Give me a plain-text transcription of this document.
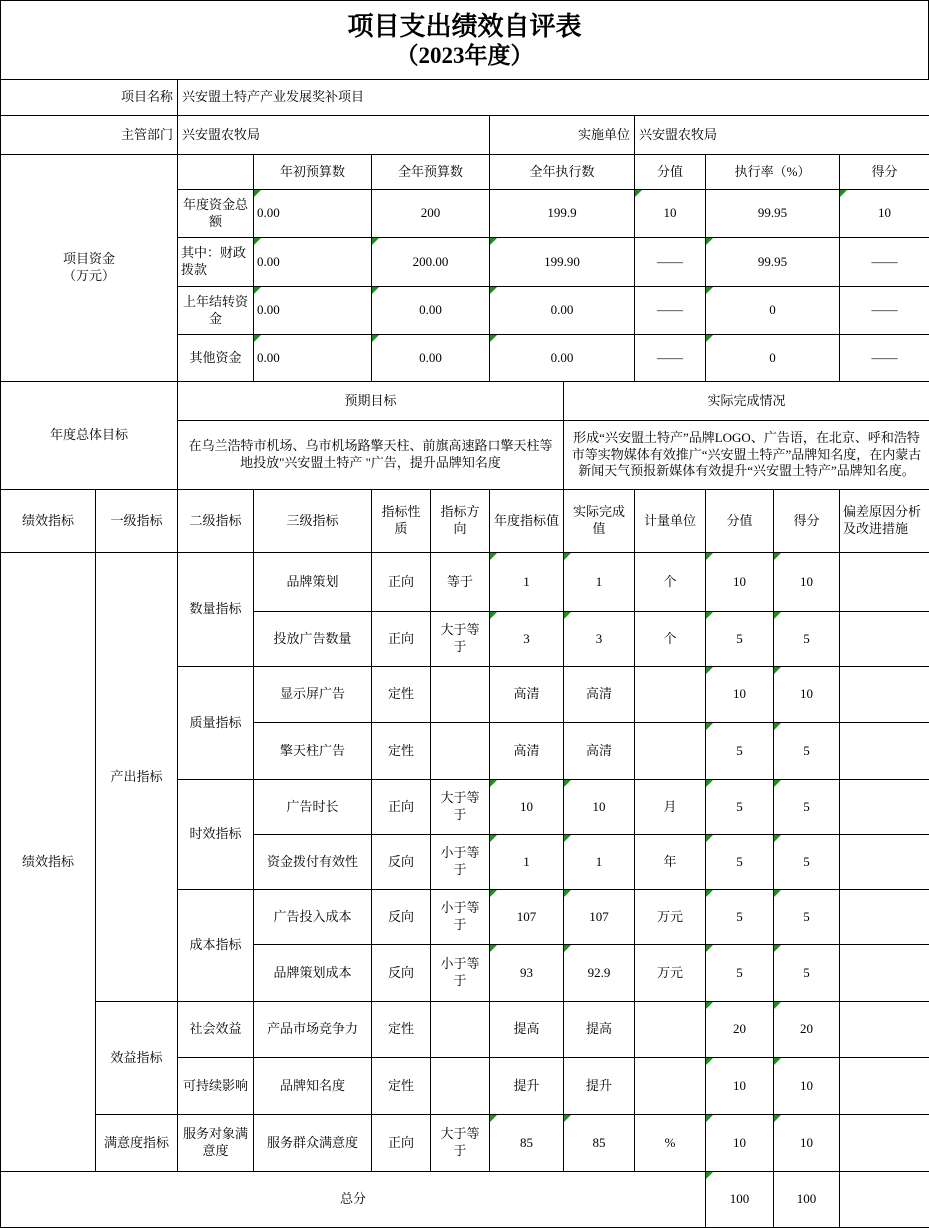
项目支出绩效自评表
（2023年度）
项目名称	兴安盟土特产产业发展奖补项目		
主管部门	兴安盟农牧局	实施单位	兴安盟农牧局
项目资金
（万元）		年初预算数	全年预算数	全年执行数	分值	执行率（%）	得分
	年度资金总额	0.00	200	199.9	10	99.95	10
	其中：财政拨款	0.00	200.00	199.90	——	99.95	——
	上年结转资金	0.00	0.00	0.00	——	0	——
	其他资金	0.00	0.00	0.00	——	0	——
年度总体目标	预期目标	实际完成情况
	在乌兰浩特市机场、乌市机场路擎天柱、前旗高速路口擎天柱等地投放"兴安盟土特产 "广告，提升品牌知名度	形成“兴安盟土特产”品牌LOGO、广告语，在北京、呼和浩特市等实物媒体有效推广“兴安盟土特产”品牌知名度，在内蒙古新闻天气预报新媒体有效提升“兴安盟土特产”品牌知名度。
绩效指标	一级指标	二级指标	三级指标	指标性质	指标方向	年度指标值	实际完成值	计量单位	分值	得分	偏差原因分析及改进措施
绩效指标	产出指标	数量指标	品牌策划	正向	等于	1	1	个	10	10	
			投放广告数量	正向	大于等于	3	3	个	5	5	
		质量指标	显示屏广告	定性		高清	高清		10	10	
			擎天柱广告	定性		高清	高清		5	5	
		时效指标	广告时长	正向	大于等于	10	10	月	5	5	
			资金拨付有效性	反向	小于等于	1	1	年	5	5	
		成本指标	广告投入成本	反向	小于等于	107	107	万元	5	5	
			品牌策划成本	反向	小于等于	93	92.9	万元	5	5	
	效益指标	社会效益	产品市场竞争力	定性		提高	提高		20	20	
		可持续影响	品牌知名度	定性		提升	提升		10	10	
	满意度指标	服务对象满意度	服务群众满意度	正向	大于等于	85	85	%	10	10	
总分									100	100	
